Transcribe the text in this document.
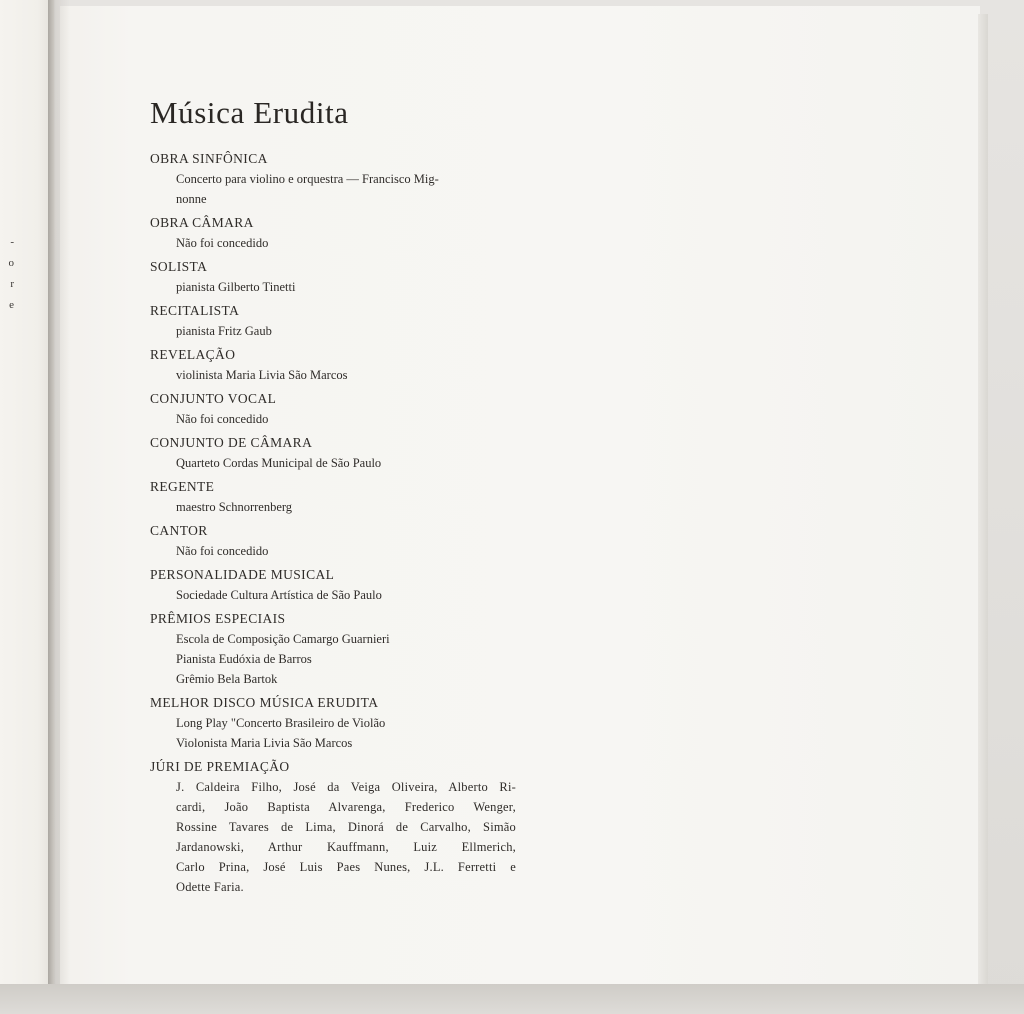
-
o
r
e
Música Erudita
OBRA SINFÔNICA
Concerto para violino e orquestra — Francisco Mig-
nonne
OBRA CÂMARA
Não foi concedido
SOLISTA
pianista Gilberto Tinetti
RECITALISTA
pianista Fritz Gaub
REVELAÇÃO
violinista Maria Livia São Marcos
CONJUNTO VOCAL
Não foi concedido
CONJUNTO DE CÂMARA
Quarteto Cordas Municipal de São Paulo
REGENTE
maestro Schnorrenberg
CANTOR
Não foi concedido
PERSONALIDADE MUSICAL
Sociedade Cultura Artística de São Paulo
PRÊMIOS ESPECIAIS
Escola de Composição Camargo Guarnieri
Pianista Eudóxia de Barros
Grêmio Bela Bartok
MELHOR DISCO MÚSICA ERUDITA
Long Play "Concerto Brasileiro de Violão
Violonista Maria Livia São Marcos
JÚRI DE PREMIAÇÃO
J. Caldeira Filho, José da Veiga Oliveira, Alberto Ri-
cardi, João Baptista Alvarenga, Frederico Wenger,
Rossine Tavares de Lima, Dinorá de Carvalho, Simão
Jardanowski, Arthur Kauffmann, Luiz Ellmerich,
Carlo Prina, José Luis Paes Nunes, J.L. Ferretti e
Odette Faria.
